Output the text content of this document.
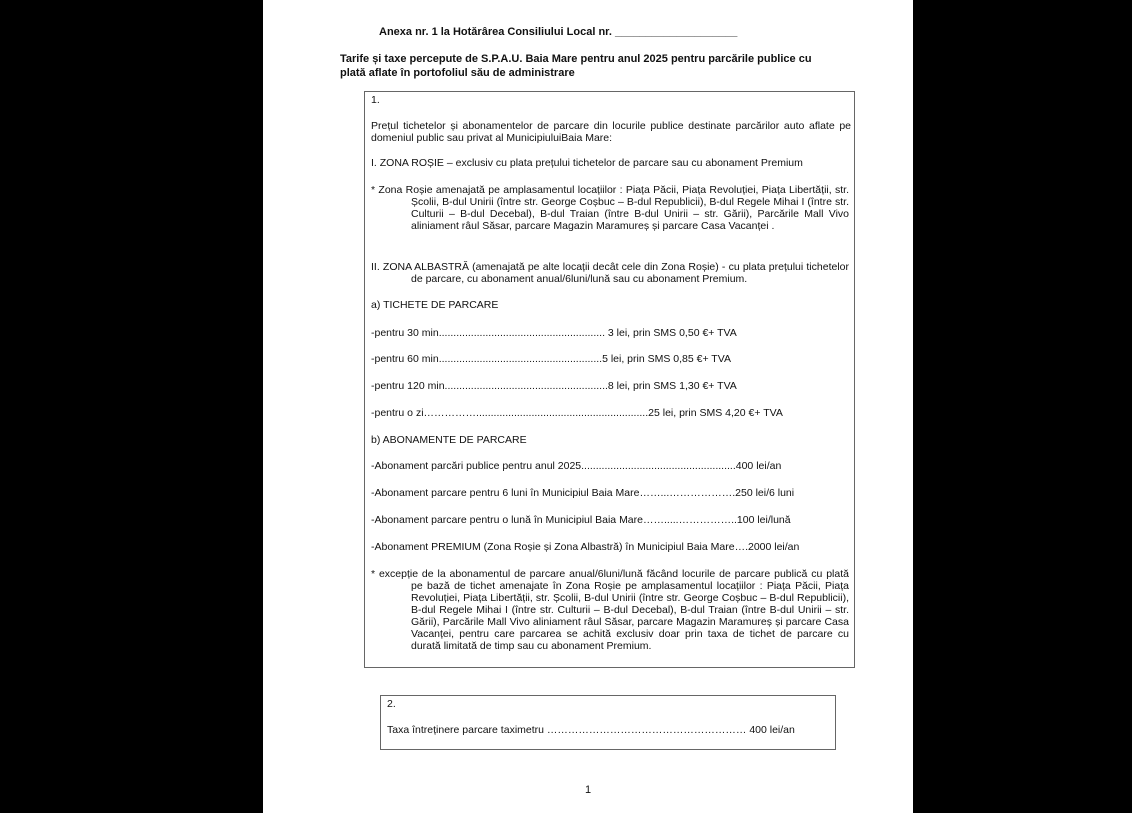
Anexa nr. 1 la Hotărârea Consiliului Local nr. ____________________
Tarife și taxe percepute de S.P.A.U. Baia Mare pentru anul 2025 pentru parcările publice cu plată aflate în portofoliul său de administrare
1.
Prețul tichetelor și abonamentelor de parcare din locurile publice destinate parcărilor auto aflate pe domeniul public sau privat al MunicipiuluiBaia Mare:
I. ZONA ROȘIE – exclusiv cu plata prețului tichetelor de parcare sau cu abonament Premium
* Zona Roșie amenajată pe amplasamentul locațiilor : Piața Păcii, Piața Revoluției, Piața Libertății, str. Școlii, B-dul Unirii (între str. George Coșbuc – B-dul Republicii), B-dul Regele Mihai I (între str. Culturii – B-dul Decebal), B-dul Traian (între B-dul Unirii – str. Gării), Parcările Mall Vivo aliniament râul Săsar, parcare Magazin Maramureș și parcare Casa Vacanței .
II. ZONA ALBASTRĂ (amenajată pe alte locații decât cele din Zona Roșie) - cu plata prețului tichetelor de parcare, cu abonament anual/6luni/lună sau cu abonament Premium.
a) TICHETE DE PARCARE
-pentru 30 min......................................................... 3 lei, prin SMS 0,50 €+ TVA
-pentru 60 min........................................................5 lei, prin SMS 0,85 €+ TVA
-pentru 120 min........................................................8 lei, prin SMS 1,30 €+ TVA
-pentru o zi……………...........................................................25 lei, prin SMS 4,20 €+ TVA
b) ABONAMENTE DE PARCARE
-Abonament parcări publice pentru anul 2025.....................................................400 lei/an
-Abonament parcare pentru 6 luni în Municipiul Baia Mare……...……………….250 lei/6 luni
-Abonament parcare pentru o lună în Municipiul Baia Mare…….....……………..100 lei/lună
-Abonament PREMIUM (Zona Roșie și Zona Albastră) în Municipiul Baia Mare….2000 lei/an
* excepție de la abonamentul de parcare anual/6luni/lună făcând locurile de parcare publică cu plată pe bază de tichet amenajate în Zona Roșie pe amplasamentul locațiilor : Piața Păcii, Piața Revoluției, Piața Libertății, str. Școlii, B-dul Unirii (între str. George Coșbuc – B-dul Republicii), B-dul Regele Mihai I (între str. Culturii – B-dul Decebal), B-dul Traian (între B-dul Unirii – str. Gării), Parcările Mall Vivo aliniament râul Săsar, parcare Magazin Maramureș și parcare Casa Vacanței, pentru care parcarea se achită exclusiv doar prin taxa de tichet de parcare cu durată limitată de timp sau cu abonament Premium.
2.
Taxa întreținere parcare taximetru ………………………………………………… 400 lei/an
1
